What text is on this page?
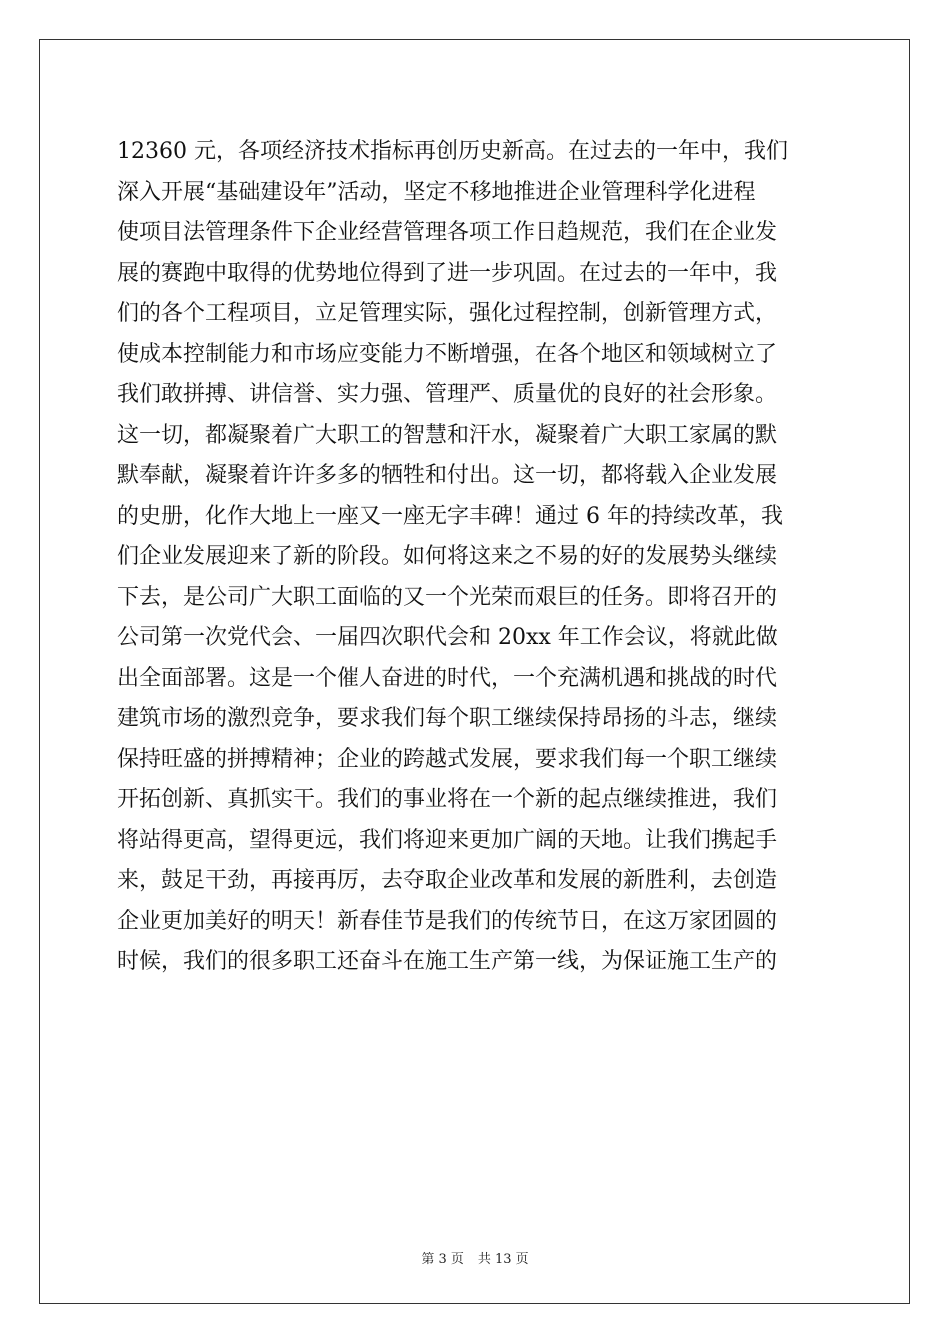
12360 元，各项经济技术指标再创历史新高。在过去的一年中，我们
深入开展“基础建设年”活动，坚定不移地推进企业管理科学化进程
使项目法管理条件下企业经营管理各项工作日趋规范，我们在企业发
展的赛跑中取得的优势地位得到了进一步巩固。在过去的一年中，我
们的各个工程项目，立足管理实际，强化过程控制，创新管理方式，
使成本控制能力和市场应变能力不断增强，在各个地区和领域树立了
我们敢拼搏、讲信誉、实力强、管理严、质量优的良好的社会形象。
这一切，都凝聚着广大职工的智慧和汗水，凝聚着广大职工家属的默
默奉献，凝聚着许许多多的牺牲和付出。这一切，都将载入企业发展
的史册，化作大地上一座又一座无字丰碑！通过 6 年的持续改革，我
们企业发展迎来了新的阶段。如何将这来之不易的好的发展势头继续
下去，是公司广大职工面临的又一个光荣而艰巨的任务。即将召开的
公司第一次党代会、一届四次职代会和 20xx 年工作会议，将就此做
出全面部署。这是一个催人奋进的时代，一个充满机遇和挑战的时代
建筑市场的激烈竞争，要求我们每个职工继续保持昂扬的斗志，继续
保持旺盛的拼搏精神；企业的跨越式发展，要求我们每一个职工继续
开拓创新、真抓实干。我们的事业将在一个新的起点继续推进，我们
将站得更高，望得更远，我们将迎来更加广阔的天地。让我们携起手
来，鼓足干劲，再接再厉，去夺取企业改革和发展的新胜利，去创造
企业更加美好的明天！新春佳节是我们的传统节日，在这万家团圆的
时候，我们的很多职工还奋斗在施工生产第一线，为保证施工生产的
第 3 页 共 13 页
